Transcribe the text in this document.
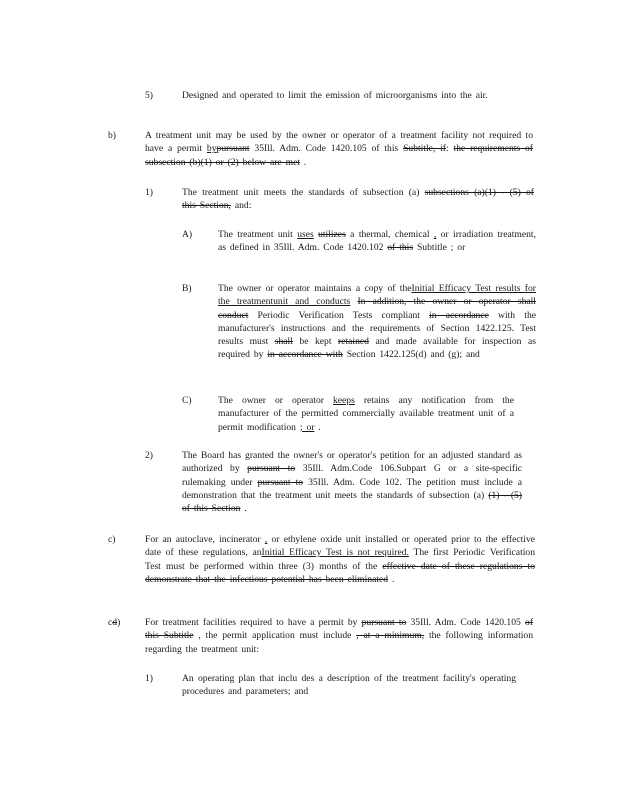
5)	Designed and operated to limit the emission of microorganisms into the air.

b)	A treatment unit may be used by the owner or operator of a treatment facility not required to have a permit bypursuant 35Ill. Adm. Code 1420.105 of this Subtitle, if: the requirements of subsection (b)(1) or (2) below are met .

1)	The treatment unit meets the standards of subsection (a) subsections (a)(1) - (5) of this Section, and:

A)	The treatment unit uses utilizes a thermal, chemical , or irradiation treatment, as defined in 35Ill. Adm. Code 1420.102 of this Subtitle ; or

B)	The owner or operator maintains a copy of theInitial Efficacy Test results for the treatmentunit and conducts In addition, the owner or operator shall conduct Periodic Verification Tests compliant in accordance with the manufacturer's instructions and the requirements of Section 1422.125. Test results must shall be kept retained and made available for inspection as required by in accordance with Section 1422.125(d) and (g); and

C)	The owner or operator keeps retains any notification from the manufacturer of the permitted commercially available treatment unit of a permit modification ; or .

2)	The Board has granted the owner's or operator's petition for an adjusted standard as authorized by pursuant to 35Ill. Adm.Code 106.Subpart G or a site-specific rulemaking under pursuant to 35Ill. Adm. Code 102. The petition must include a demonstration that the treatment unit meets the standards of subsection (a) (1) - (5) of this Section .

c)	For an autoclave, incinerator , or ethylene oxide unit installed or operated prior to the effective date of these regulations, anInitial Efficacy Test is not required. The first Periodic Verification Test must be performed within three (3) months of the effective date of these regulations to demonstrate that the infectious potential has been eliminated .

cd)	For treatment facilities required to have a permit by pursuant to 35Ill. Adm. Code 1420.105 of this Subtitle , the permit application must include , at a minimum, the following information regarding the treatment unit:

1)	An operating plan that inclu des a description of the treatment facility's operating procedures and parameters; and
